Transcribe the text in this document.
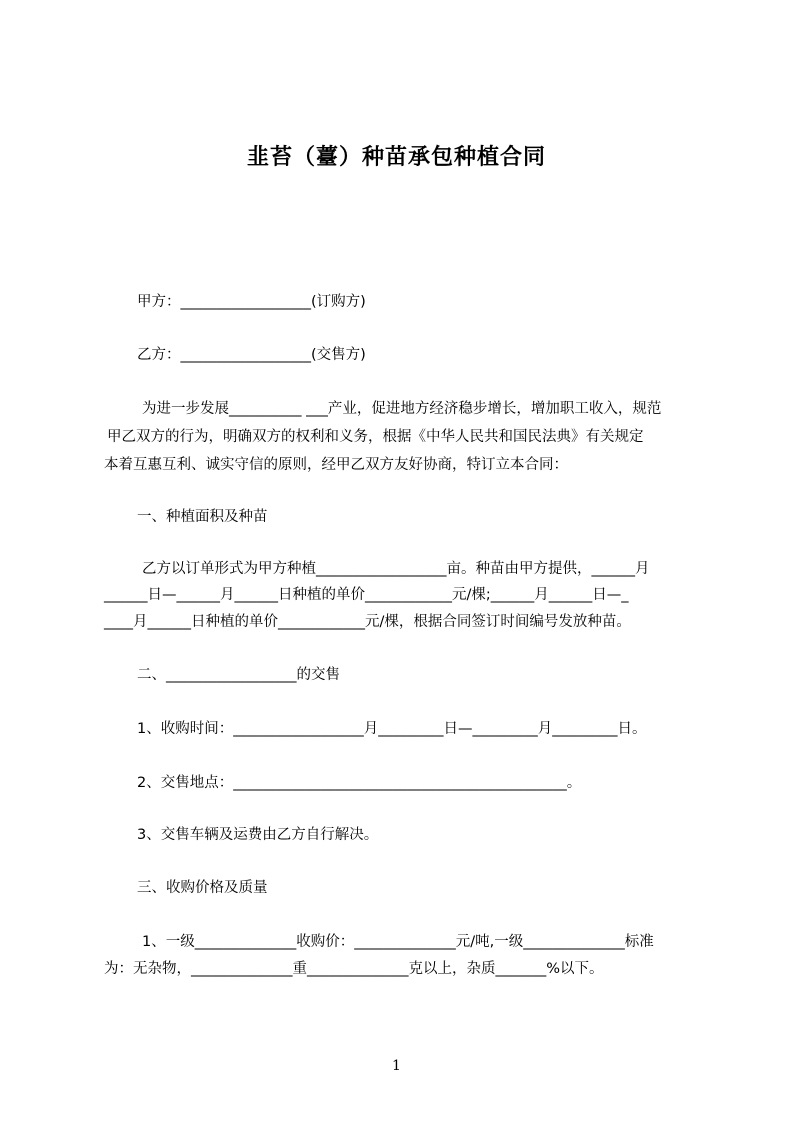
韭苔（薹）种苗承包种植合同
甲方：__________________(订购方)
乙方：__________________(交售方)
为进一步发展__________ ___产业，促进地方经济稳步增长，增加职工收入，规范
甲乙双方的行为，明确双方的权利和义务，根据《中华人民共和国民法典》有关规定
本着互惠互利、诚实守信的原则，经甲乙双方友好协商，特订立本合同：
一、种植面积及种苗
乙方以订单形式为甲方种植__________________亩。种苗由甲方提供，______月
______日—______月______日种植的单价____________元/棵;______月______日—_
____月______日种植的单价____________元/棵，根据合同签订时间编号发放种苗。
二、__________________的交售
1、收购时间：__________________月_________日—_________月_________日。
2、交售地点：______________________________________________。
3、交售车辆及运费由乙方自行解决。
三、收购价格及质量
1、一级______________收购价：______________元/吨,一级______________标准
为：无杂物，______________重______________克以上，杂质_______%以下。
1
